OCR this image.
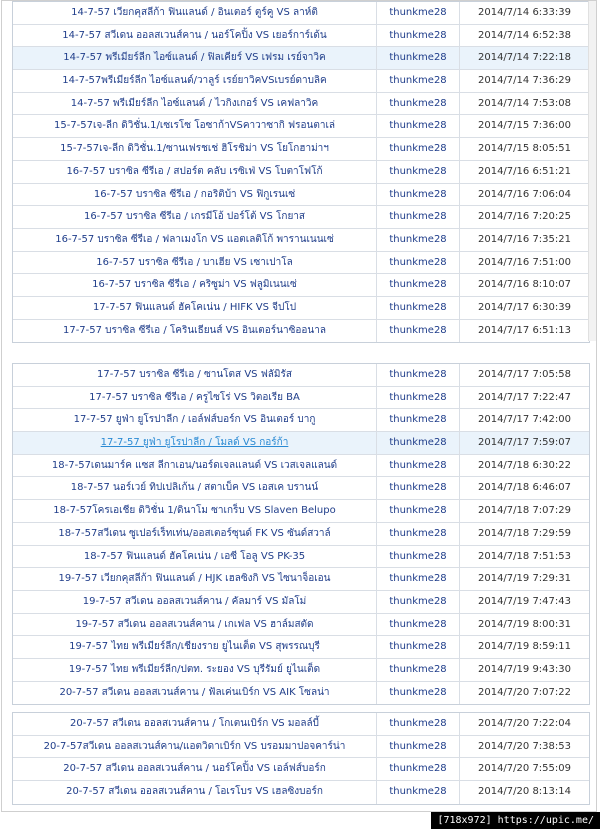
14-7-57 เวียกคุสลีก้า ฟินแลนด์ / อินเตอร์ ตูร์คู VS ลาห์ติ	thunkme28	2014/7/14 6:33:39
14-7-57 สวีเดน ออลสเวนส์คาน / นอร์โคปิ้ง VS เยอร์การ์เด้น	thunkme28	2014/7/14 6:52:38
14-7-57 พรีเมียร์ลีก ไอซ์แลนด์ / ฟิลเคียร์ VS เฟรม เรย์จาวิค	thunkme28	2014/7/14 7:22:18
14-7-57พรีเมียร์ลีก ไอซ์แลนด์/วาลูร์ เรย์ยาวิคVSเบรย์ดาบลิค	thunkme28	2014/7/14 7:36:29
14-7-57 พรีเมียร์ลีก ไอซ์แลนด์ / ไวกิงเกอร์ VS เคฟลาวิค	thunkme28	2014/7/14 7:53:08
15-7-57เจ-ลีก ดิวิชั่น.1/เซเรโซ โอซาก้าVSคาวาซากิ ฟรอนตาเล่	thunkme28	2014/7/15 7:36:00
15-7-57เจ-ลีก ดิวิชั่น.1/ซานเฟรชเช่ ฮิโรชิม่า VS โยโกฮาม่าฯ	thunkme28	2014/7/15 8:05:51
16-7-57 บราซิล ซีรีเอ / สปอร์ต คลับ เรซิเฟ่ VS โบตาโฟโก้	thunkme28	2014/7/16 6:51:21
16-7-57 บราซิล ซีรีเอ / กอริติบ้า VS ฟิกูเรนเซ่	thunkme28	2014/7/16 7:06:04
16-7-57 บราซิล ซีรีเอ / เกรมีโอ้ ปอร์โต้ VS โกยาส	thunkme28	2014/7/16 7:20:25
16-7-57 บราซิล ซีรีเอ / ฟลาเมงโก VS แอตเลติโก้ พารานเนนเซ่	thunkme28	2014/7/16 7:35:21
16-7-57 บราซิล ซีรีเอ / บาเฮีย VS เซาเปาโล	thunkme28	2014/7/16 7:51:00
16-7-57 บราซิล ซีรีเอ / คริซูม่า VS ฟลูมิเนนเซ่	thunkme28	2014/7/16 8:10:07
17-7-57 ฟินแลนด์ ฮัคโคเน่น / HIFK VS จีปโป	thunkme28	2014/7/17 6:30:39
17-7-57 บราซิล ซีรีเอ / โครินเธียนส์ VS อินเตอร์นาซิออนาล	thunkme28	2014/7/17 6:51:13
17-7-57 บราซิล ซีรีเอ / ซานโตส VS ฟลัมิรัส	thunkme28	2014/7/17 7:05:58
17-7-57 บราซิล ซีรีเอ / ครูไซโร่ VS วิตอเรีย BA	thunkme28	2014/7/17 7:22:47
17-7-57 ยูฟ่า ยูโรปาลีก / เอล์ฟส์บอร์ก VS อินเตอร์ บากู	thunkme28	2014/7/17 7:42:00
17-7-57 ยูฟ่า ยูโรปาลีก / โมลด์ VS กอร์ก้า	thunkme28	2014/7/17 7:59:07
18-7-57เดนมาร์ค แซส ลีกาเอน/นอร์ดเจลแลนด์ VS เวสเจลแลนด์	thunkme28	2014/7/18 6:30:22
18-7-57 นอร์เวย์ ทิปเปลิเก้น / สตาเบ็ค VS เอสเค บรานน์	thunkme28	2014/7/18 6:46:07
18-7-57โครเอเชีย ดิวิชั่น 1/ดินาโม ซาเกร็บ VS Slaven Belupo	thunkme28	2014/7/18 7:07:29
18-7-57สวีเดน ซูเปอร์เร็ทเท่น/ออสเตอร์ซุนด์ FK VS ซันด์สวาล์	thunkme28	2014/7/18 7:29:59
18-7-57 ฟินแลนด์ ฮัคโคเน่น / เอซี โอลู VS PK-35	thunkme28	2014/7/18 7:51:53
19-7-57 เวียกคุสลีก้า ฟินแลนด์ / HJK เฮลซิงกิ VS ไซนาจ็อเอน	thunkme28	2014/7/19 7:29:31
19-7-57 สวีเดน ออลสเวนส์คาน / คัลมาร์ VS มัลโม่	thunkme28	2014/7/19 7:47:43
19-7-57 สวีเดน ออลสเวนส์คาน / เกเฟล VS ฮาล์มสตัด	thunkme28	2014/7/19 8:00:31
19-7-57 ไทย พรีเมียร์ลีก/เชียงราย ยูไนเต็ด VS สุพรรณบุรี	thunkme28	2014/7/19 8:59:11
19-7-57 ไทย พรีเมียร์ลีก/ปตท. ระยอง VS บุรีรัมย์ ยูไนเต็ด	thunkme28	2014/7/19 9:43:30
20-7-57 สวีเดน ออลสเวนส์คาน / ฟัลเค่นเบิร์ก VS AIK โซลน่า	thunkme28	2014/7/20 7:07:22
20-7-57 สวีเดน ออลสเวนส์คาน / โกเตนเบิร์ก VS มอลล์บี้	thunkme28	2014/7/20 7:22:04
20-7-57สวีเดน ออลสเวนส์คาน/แอตวิดาเบิร์ก VS บรอมมาปอจคาร์น่า	thunkme28	2014/7/20 7:38:53
20-7-57 สวีเดน ออลสเวนส์คาน / นอร์โคปิ้ง VS เอล์ฟส์บอร์ก	thunkme28	2014/7/20 7:55:09
20-7-57 สวีเดน ออลสเวนส์คาน / โอเรโบร VS เฮลซิงบอร์ก	thunkme28	2014/7/20 8:13:14
[718x972] https://upic.me/
